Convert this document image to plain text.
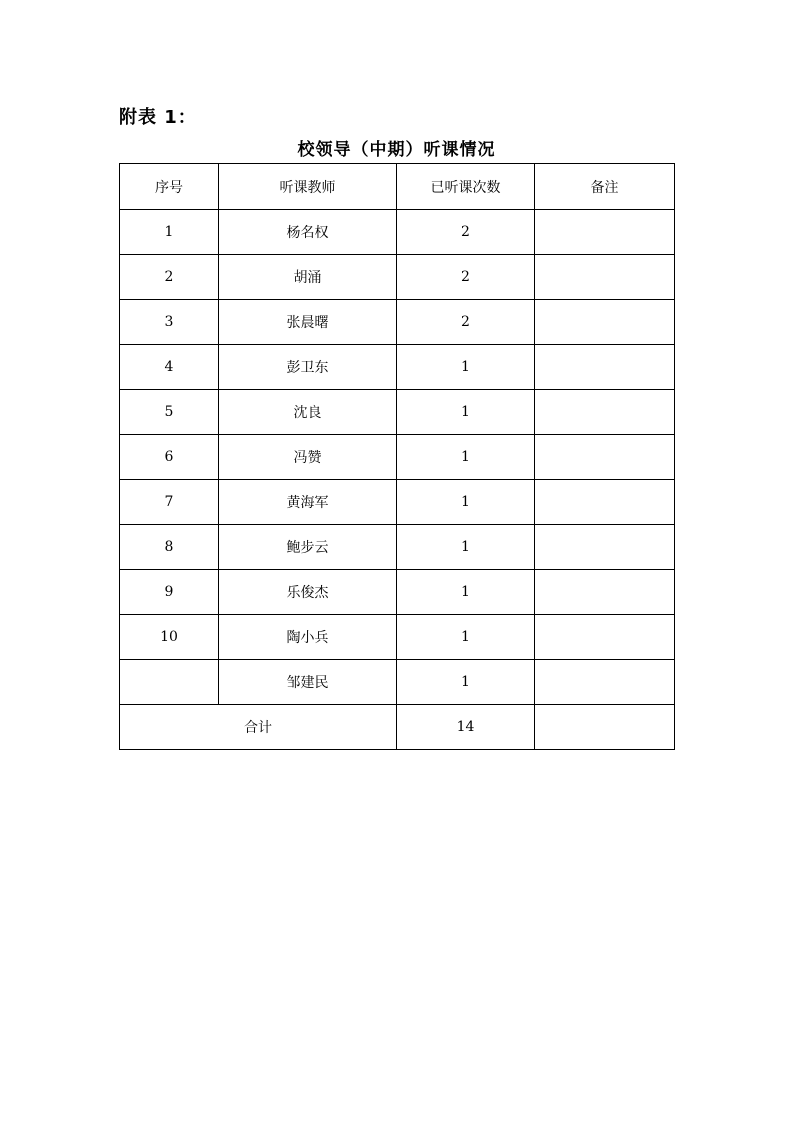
附表 1：
校领导（中期）听课情况
序号	听课教师	已听课次数	备注
1	杨名权	2	
2	胡涌	2	
3	张晨曙	2	
4	彭卫东	1	
5	沈良	1	
6	冯赞	1	
7	黄海军	1	
8	鲍步云	1	
9	乐俊杰	1	
10	陶小兵	1	
	邹建民	1	
合计		14	
